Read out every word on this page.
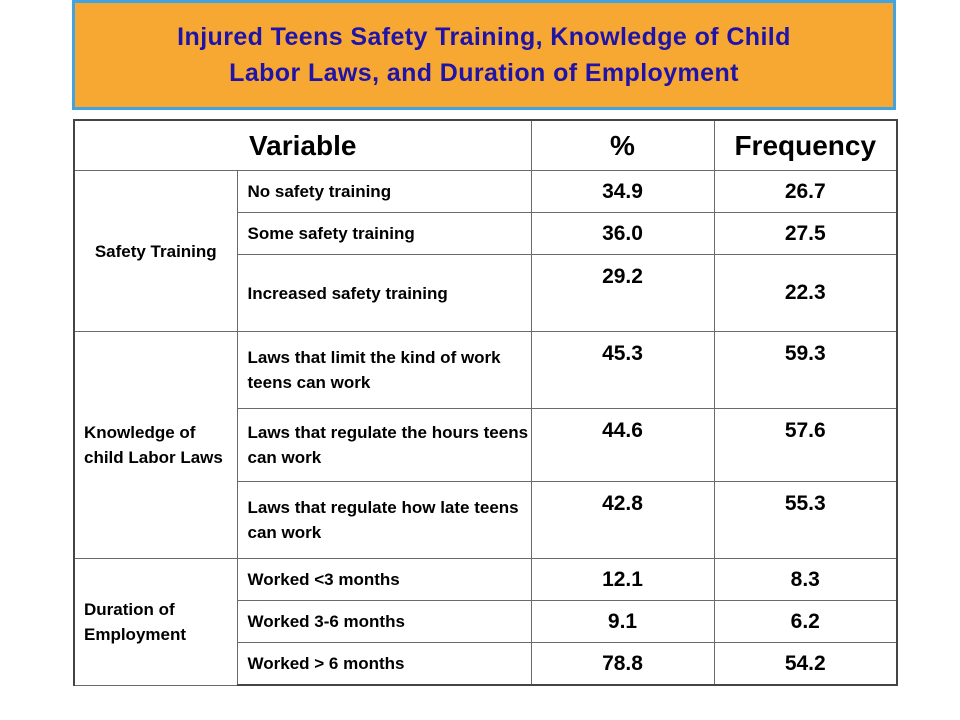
Injured Teens Safety Training, Knowledge of Child
Labor Laws, and Duration of Employment
Variable		%	Frequency
Safety Training	No safety training	34.9	26.7
	Some safety training	36.0	27.5
	Increased safety training	29.2	22.3
Knowledge of child Labor Laws	Laws that limit the kind of work teens can work	45.3	59.3
	Laws that regulate the hours teens can work	44.6	57.6
	Laws that regulate how late teens can work	42.8	55.3
Duration of Employment	Worked <3 months	12.1	8.3
	Worked 3-6 months	9.1	6.2
	Worked > 6 months	78.8	54.2
